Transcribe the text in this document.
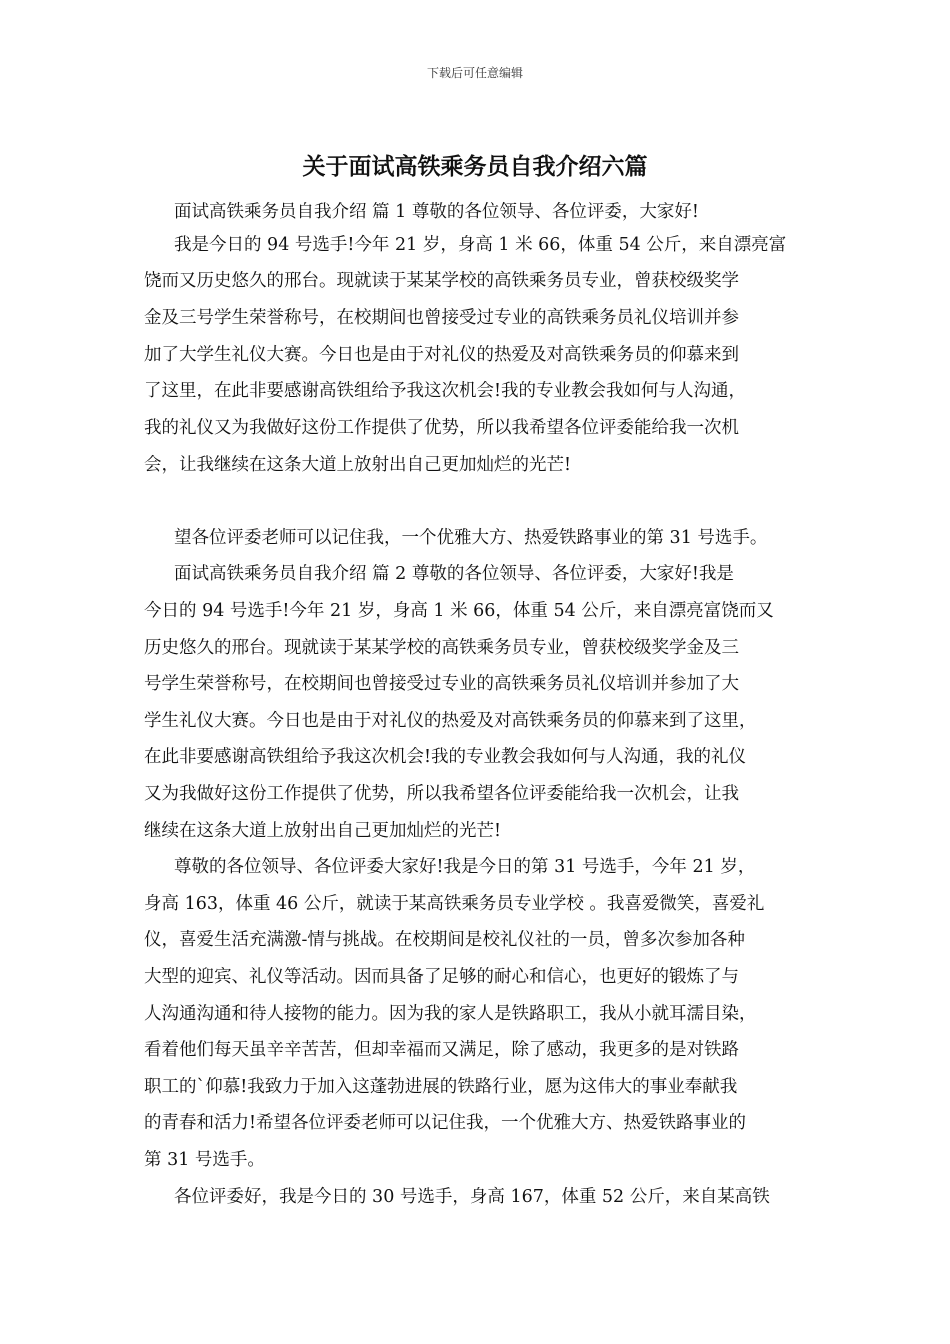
下载后可任意编辑
关于面试高铁乘务员自我介绍六篇
面试高铁乘务员自我介绍 篇 1 尊敬的各位领导、各位评委，大家好!
我是今日的 94 号选手!今年 21 岁，身高 1 米 66，体重 54 公斤，来自漂亮富
饶而又历史悠久的邢台。现就读于某某学校的高铁乘务员专业，曾获校级奖学
金及三号学生荣誉称号，在校期间也曾接受过专业的高铁乘务员礼仪培训并参
加了大学生礼仪大赛。今日也是由于对礼仪的热爱及对高铁乘务员的仰慕来到
了这里，在此非要感谢高铁组给予我这次机会!我的专业教会我如何与人沟通，
我的礼仪又为我做好这份工作提供了优势，所以我希望各位评委能给我一次机
会，让我继续在这条大道上放射出自己更加灿烂的光芒!
望各位评委老师可以记住我，一个优雅大方、热爱铁路事业的第 31 号选手。
面试高铁乘务员自我介绍 篇 2 尊敬的各位领导、各位评委，大家好!我是
今日的 94 号选手!今年 21 岁，身高 1 米 66，体重 54 公斤，来自漂亮富饶而又
历史悠久的邢台。现就读于某某学校的高铁乘务员专业，曾获校级奖学金及三
号学生荣誉称号，在校期间也曾接受过专业的高铁乘务员礼仪培训并参加了大
学生礼仪大赛。今日也是由于对礼仪的热爱及对高铁乘务员的仰慕来到了这里，
在此非要感谢高铁组给予我这次机会!我的专业教会我如何与人沟通，我的礼仪
又为我做好这份工作提供了优势，所以我希望各位评委能给我一次机会，让我
继续在这条大道上放射出自己更加灿烂的光芒!
尊敬的各位领导、各位评委大家好!我是今日的第 31 号选手，今年 21 岁，
身高 163，体重 46 公斤，就读于某高铁乘务员专业学校 。我喜爱微笑，喜爱礼
仪，喜爱生活充满激-情与挑战。在校期间是校礼仪社的一员，曾多次参加各种
大型的迎宾、礼仪等活动。因而具备了足够的耐心和信心，也更好的锻炼了与
人沟通沟通和待人接物的能力。因为我的家人是铁路职工，我从小就耳濡目染，
看着他们每天虽辛辛苦苦，但却幸福而又满足，除了感动，我更多的是对铁路
职工的`仰慕!我致力于加入这蓬勃进展的铁路行业，愿为这伟大的事业奉献我
的青春和活力!希望各位评委老师可以记住我，一个优雅大方、热爱铁路事业的
第 31 号选手。
各位评委好，我是今日的 30 号选手，身高 167，体重 52 公斤，来自某高铁
